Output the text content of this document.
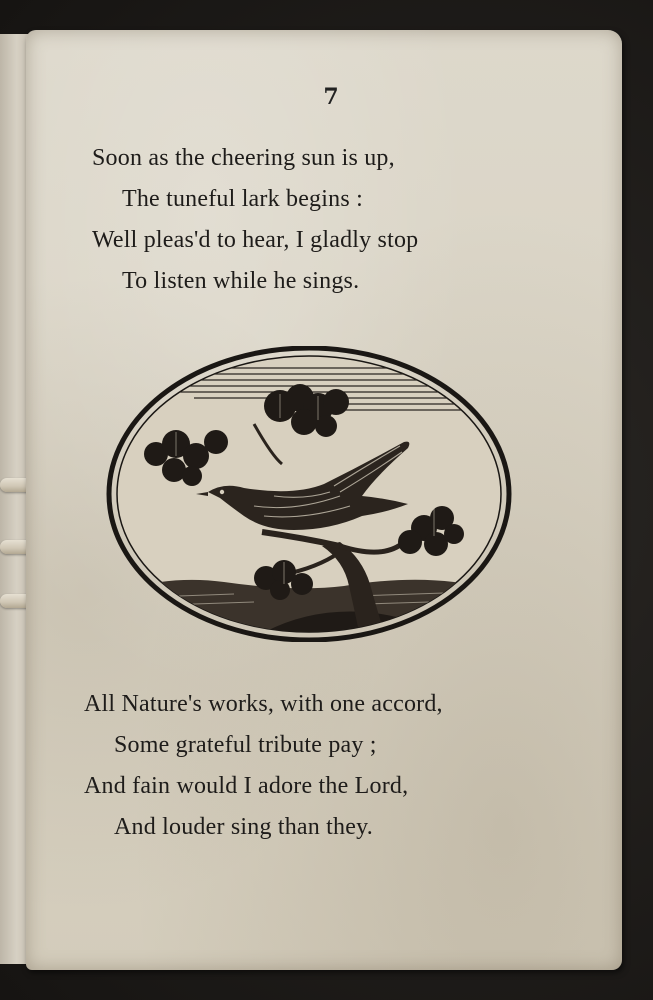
7
Soon as the cheering sun is up,
The tuneful lark begins :
Well pleas'd to hear, I gladly stop
To listen while he sings.
All Nature's works, with one accord,
Some grateful tribute pay ;
And fain would I adore the Lord,
And louder sing than they.
